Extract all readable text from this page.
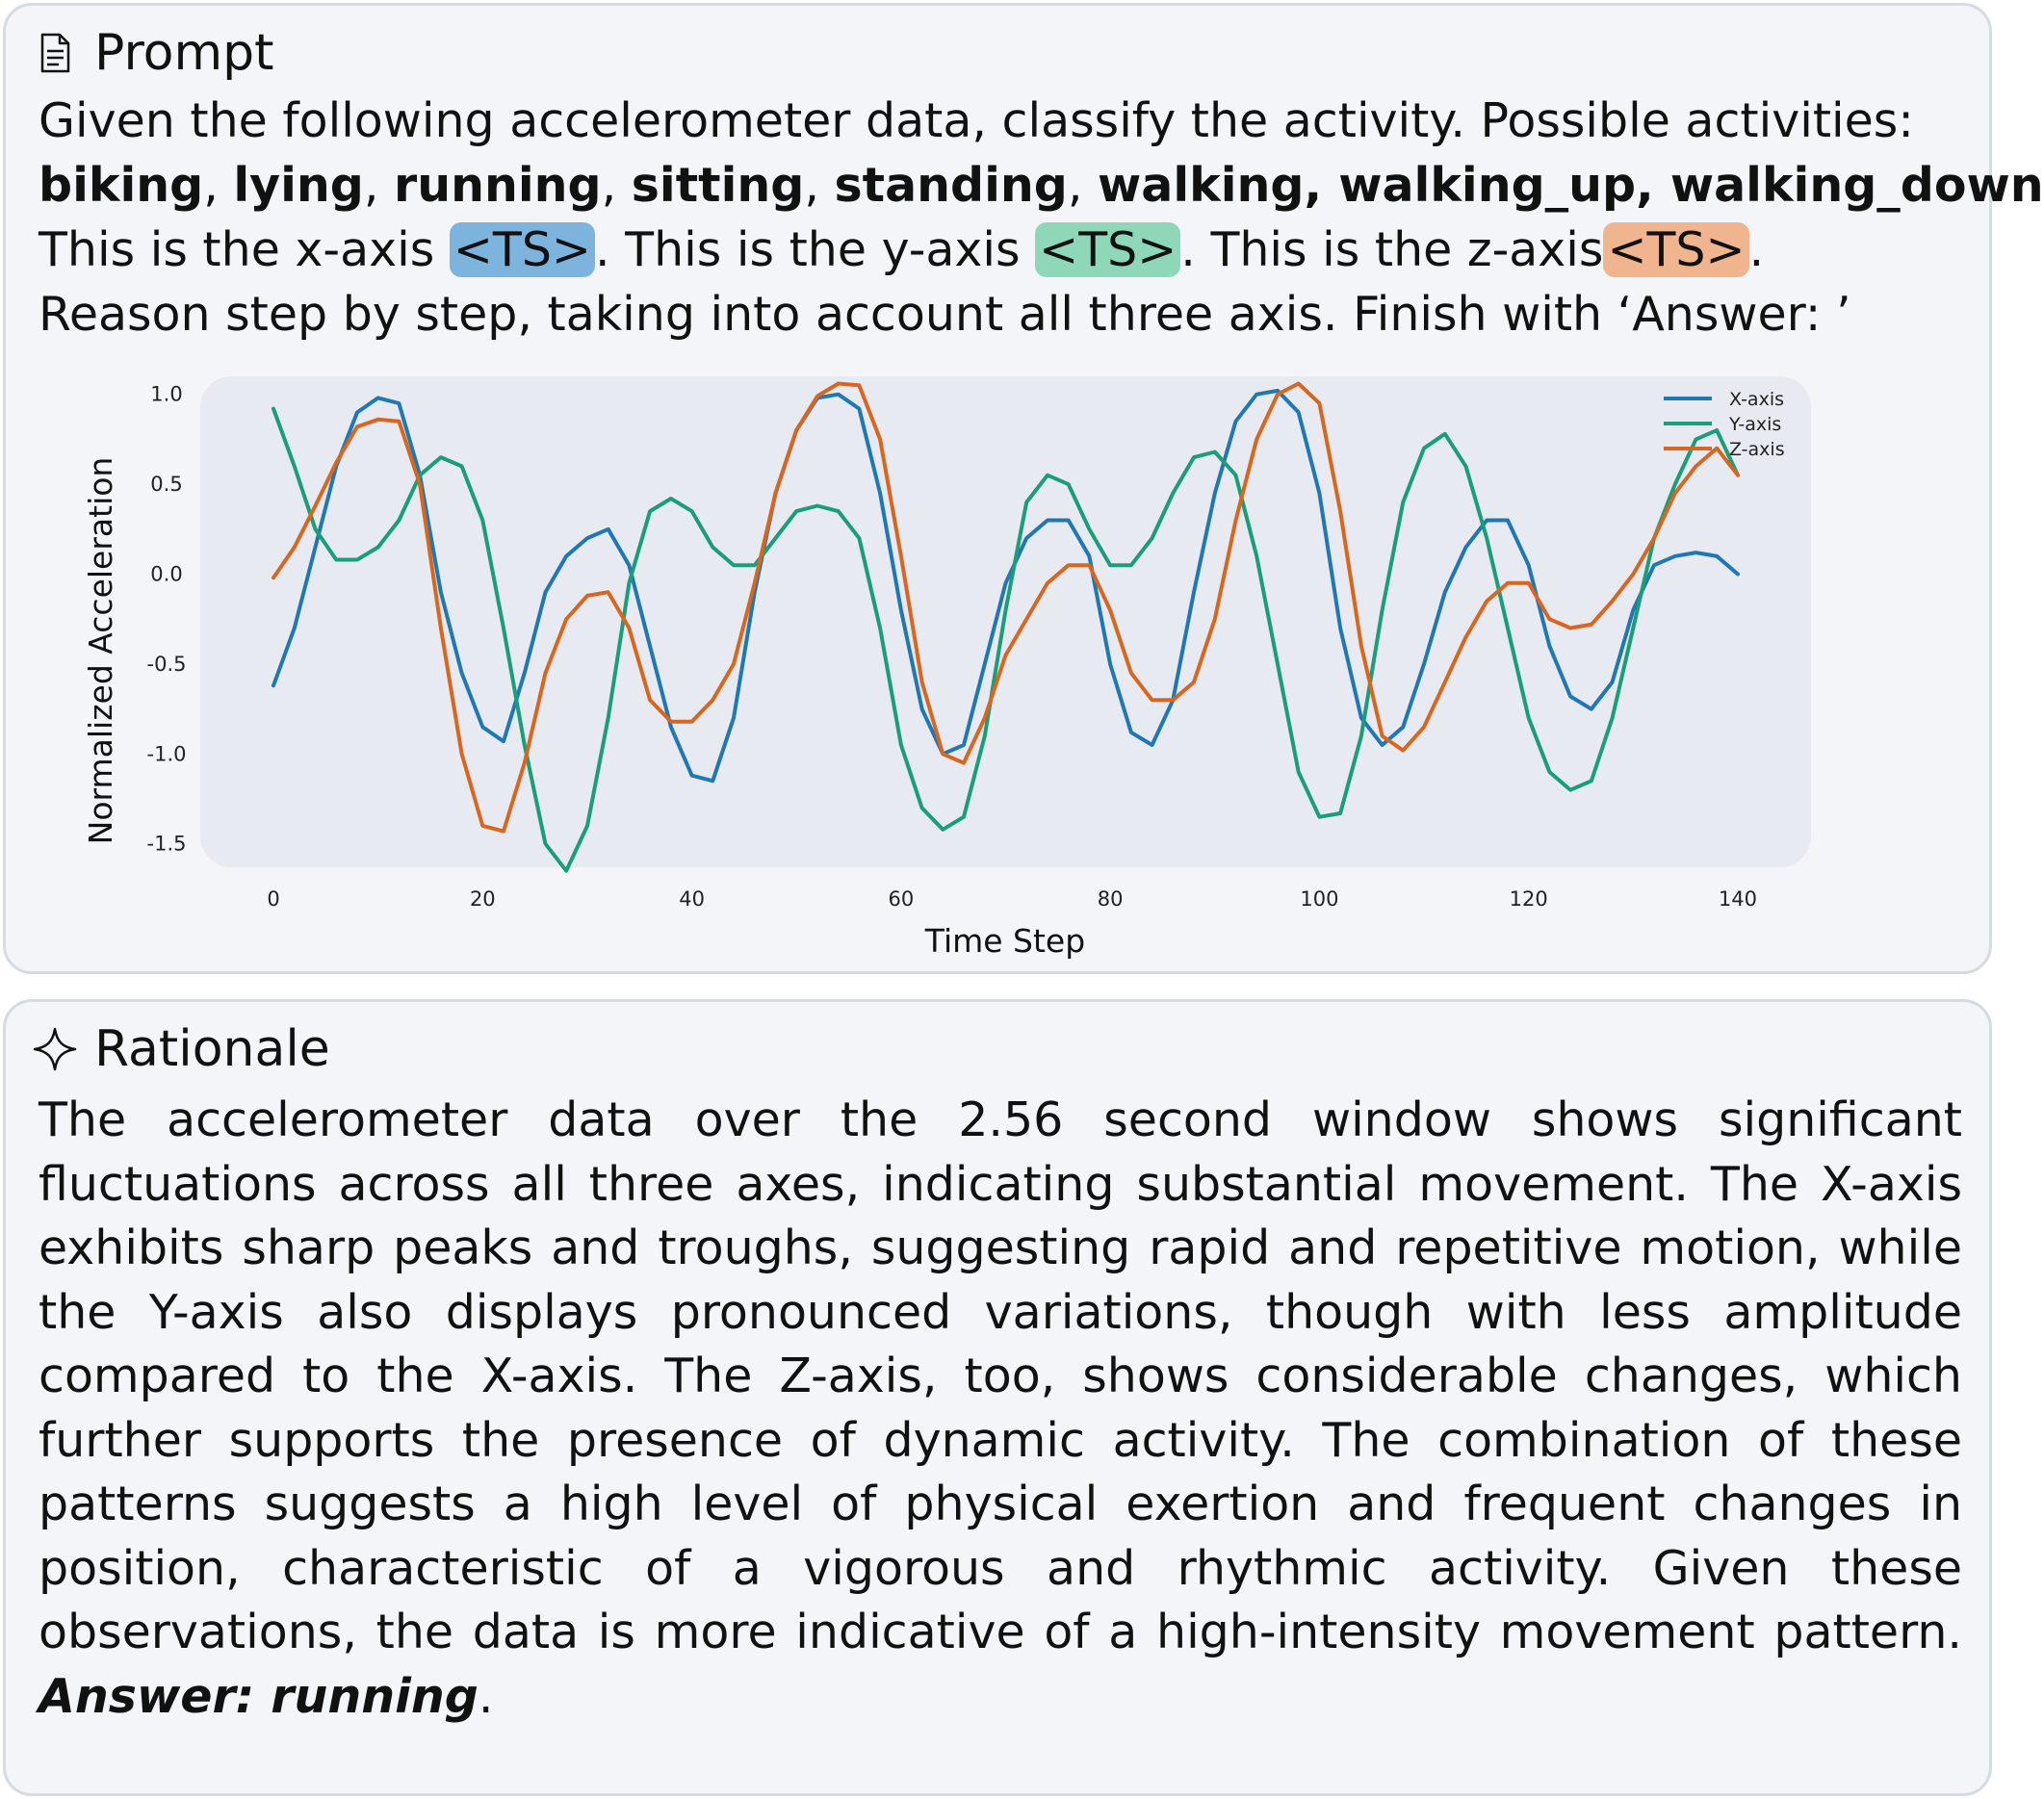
Prompt
Given the following accelerometer data, classify the activity. Possible activities:
biking, lying, running, sitting, standing, walking, walking_up, walking_down
This is the x-axis <TS>. This is the y-axis <TS>. This is the z-axis<TS>.
Reason step by step, taking into account all three axis. Finish with ‘Answer: ’
0	20	40	60	80	100	120	140
1.0
0.5
0.0
-0.5
-1.0
-1.5
X-axis
Y-axis
Z-axis
Time Step
Normalized Acceleration
Rationale
The accelerometer data over the 2.56 second window shows significant
fluctuations across all three axes, indicating substantial movement. The X-axis
exhibits sharp peaks and troughs, suggesting rapid and repetitive motion, while
the Y-axis also displays pronounced variations, though with less amplitude
compared to the X-axis. The Z-axis, too, shows considerable changes, which
further supports the presence of dynamic activity. The combination of these
patterns suggests a high level of physical exertion and frequent changes in
position, characteristic of a vigorous and rhythmic activity. Given these
observations, the data is more indicative of a high-intensity movement pattern.
Answer: running.
